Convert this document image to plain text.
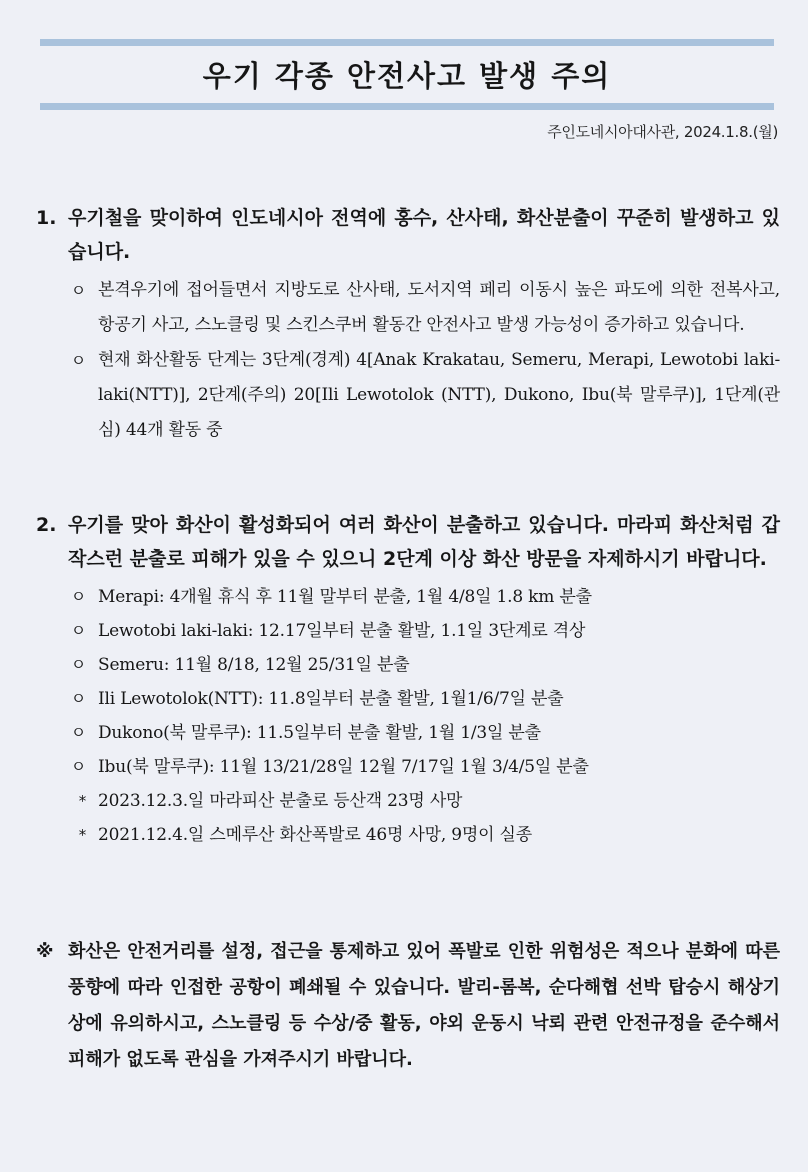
우기 각종 안전사고 발생 주의
주인도네시아대사관, 2024.1.8.(월)
1. 우기철을 맞이하여 인도네시아 전역에 홍수, 산사태, 화산분출이 꾸준히 발생하고 있습니다.
ㅇ 본격우기에 접어들면서 지방도로 산사태, 도서지역 페리 이동시 높은 파도에 의한 전복사고, 항공기 사고, 스노클링 및 스킨스쿠버 활동간 안전사고 발생 가능성이 증가하고 있습니다.
ㅇ 현재 화산활동 단계는 3단계(경계) 4[Anak Krakatau, Semeru, Merapi, Lewotobi laki-laki(NTT)], 2단계(주의) 20[Ili Lewotolok (NTT), Dukono, Ibu(북 말루쿠)], 1단계(관심) 44개 활동 중
2. 우기를 맞아 화산이 활성화되어 여러 화산이 분출하고 있습니다. 마라피 화산처럼 갑작스런 분출로 피해가 있을 수 있으니 2단계 이상 화산 방문을 자제하시기 바랍니다.
ㅇ Merapi: 4개월 휴식 후 11월 말부터 분출, 1월 4/8일 1.8 km 분출
ㅇ Lewotobi laki-laki: 12.17일부터 분출 활발, 1.1일 3단계로 격상
ㅇ Semeru: 11월 8/18, 12월 25/31일 분출
ㅇ Ili Lewotolok(NTT): 11.8일부터 분출 활발, 1월1/6/7일 분출
ㅇ Dukono(북 말루쿠): 11.5일부터 분출 활발, 1월 1/3일 분출
ㅇ Ibu(북 말루쿠): 11월 13/21/28일 12월 7/17일 1월 3/4/5일 분출
* 2023.12.3.일 마라피산 분출로 등산객 23명 사망
* 2021.12.4.일 스메루산 화산폭발로 46명 사망, 9명이 실종
※ 화산은 안전거리를 설정, 접근을 통제하고 있어 폭발로 인한 위험성은 적으나 분화에 따른 풍향에 따라 인접한 공항이 폐쇄될 수 있습니다. 발리-롬복, 순다해협 선박 탑승시 해상기상에 유의하시고, 스노클링 등 수상/중 활동, 야외 운동시 낙뢰 관련 안전규정을 준수해서 피해가 없도록 관심을 가져주시기 바랍니다.
